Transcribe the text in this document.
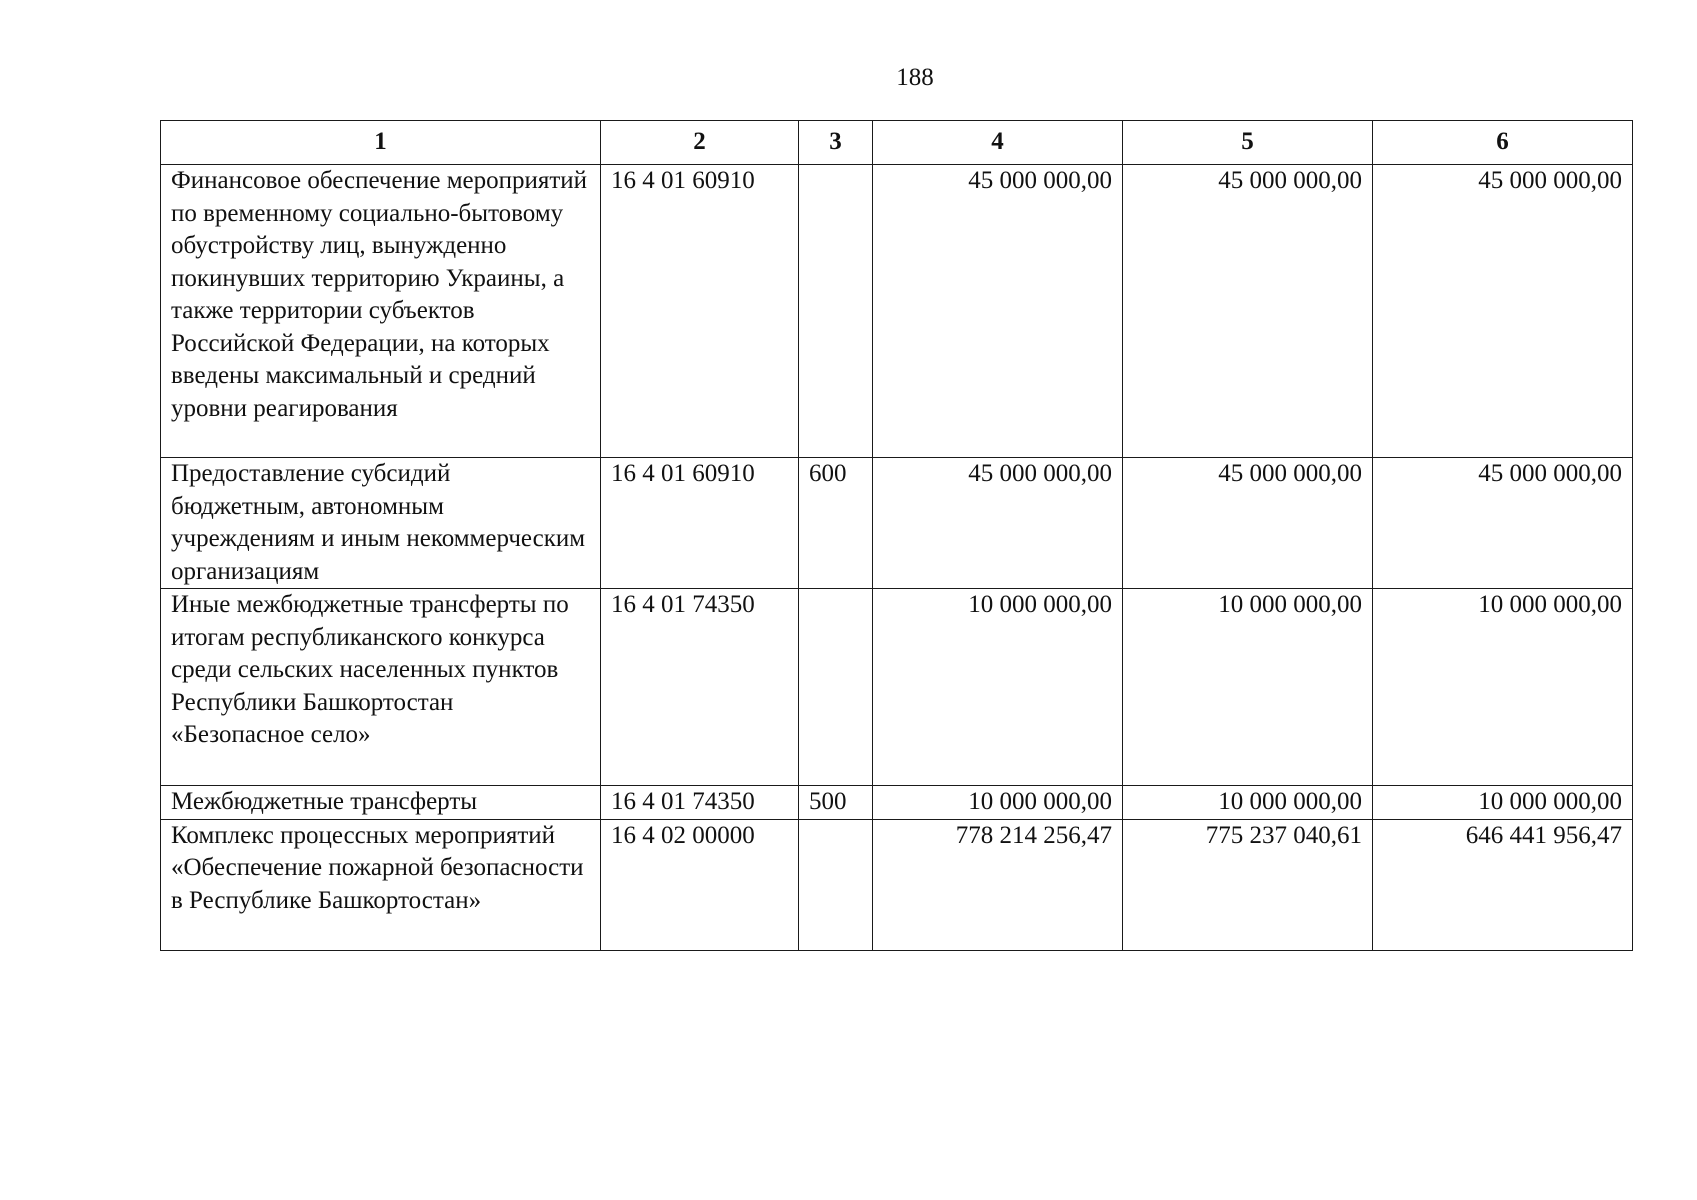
188
1	2	3	4	5	6
Финансовое обеспечение мероприятий по временному социально-бытовому обустройству лиц, вынужденно покинувших территорию Украины, а также территории субъектов Российской Федерации, на которых введены максимальный и средний уровни реагирования	16 4 01 60910		45 000 000,00	45 000 000,00	45 000 000,00
Предоставление субсидий бюджетным, автономным учреждениям и иным некоммерческим организациям	16 4 01 60910	600	45 000 000,00	45 000 000,00	45 000 000,00
Иные межбюджетные трансферты по итогам республиканского конкурса среди сельских населенных пунктов Республики Башкортостан «Безопасное село»	16 4 01 74350		10 000 000,00	10 000 000,00	10 000 000,00
Межбюджетные трансферты	16 4 01 74350	500	10 000 000,00	10 000 000,00	10 000 000,00
Комплекс процессных мероприятий «Обеспечение пожарной безопасности в Республике Башкортостан»	16 4 02 00000		778 214 256,47	775 237 040,61	646 441 956,47
